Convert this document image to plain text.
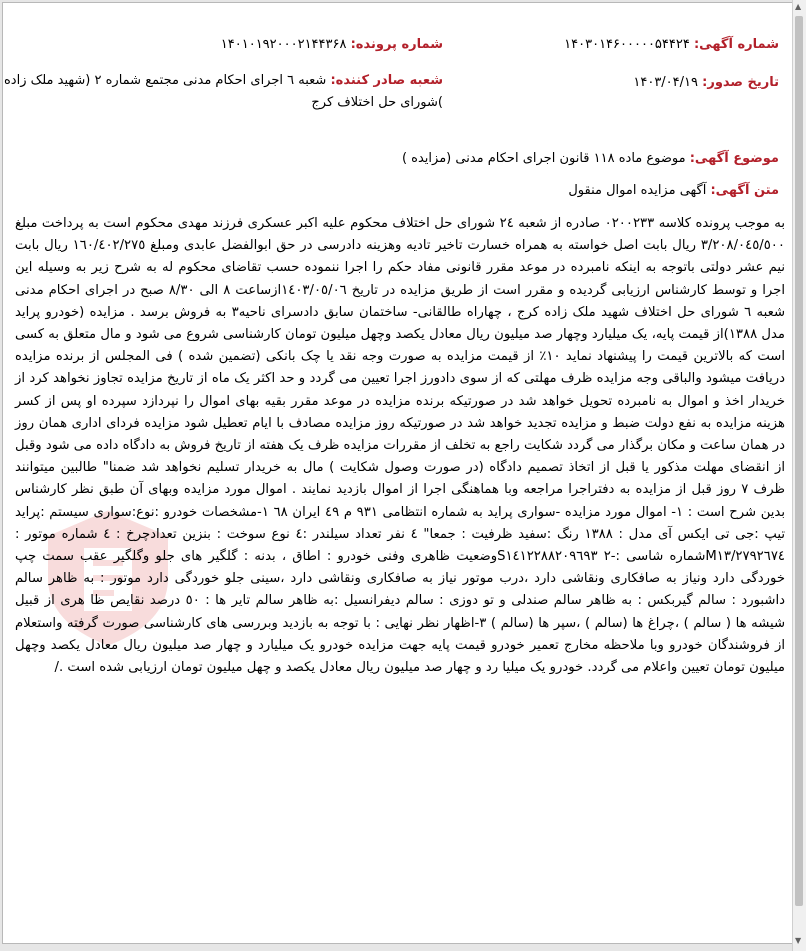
شماره آگهی: ۱۴۰۳۰۱۴۶۰۰۰۰۰۵۴۴۲۴
شماره پرونده: ۱۴۰۱۰۱۹۲۰۰۰۲۱۴۴۳۶۸
تاریخ صدور: ۱۴۰۳/۰۴/۱۹
شعبه صادر کننده: شعبه ٦ اجرای احکام مدنی مجتمع شماره ٢ (شهید ملک زاده
)شورای حل اختلاف کرج
موضوع آگهی: موضوع ماده ١١٨ قانون اجرای احکام مدنی (مزایده )
متن آگهی: آگهی مزایده اموال منقول
به موجب پرونده کلاسه ۰۲۰۰۲۳۳ صادره از شعبه ٢٤ شورای حل اختلاف محکوم علیه اکبر عسکری فرزند مهدی محکوم است به پرداخت مبلغ ٣/٢٠٨/٠٤٥/٥٠٠ ریال بابت اصل خواسته به همراه خسارت تاخیر تادیه وهزینه دادرسی در حق ابوالفضل عابدی ومبلغ ١٦٠/٤٠٢/٢٧٥ ریال بابت نیم عشر دولتی باتوجه به اینکه نامبرده در موعد مقرر قانونی مفاد حکم را اجرا ننموده حسب تقاضای محکوم له به شرح زیر به وسیله این اجرا و توسط کارشناس ارزیابی گردیده و مقرر است از طریق مزایده در تاریخ ١٤٠٣/٠٥/٠٦ازساعت ٨ الی ٨/٣٠ صبح در اجرای احکام مدنی شعبه ٦ شورای حل اختلاف شهید ملک زاده کرج ، چهاراه طالقانی- ساختمان سابق دادسرای ناحیه٣ به فروش برسد . مزایده (خودرو پراید مدل ١٣٨٨)از قیمت پایه، یک میلیارد وچهار صد میلیون ریال معادل یکصد وچهل میلیون تومان کارشناسی شروع می شود و مال متعلق به کسی است که بالاترین قیمت را پیشنهاد نماید ١٠٪ از قیمت مزایده به صورت وجه نقد یا چک بانکی (تضمین شده ) فی المجلس از برنده مزایده دریافت میشود والباقی وجه مزایده ظرف مهلتی که از سوی دادورز اجرا تعیین می گردد و حد اکثر یک ماه از تاریخ مزایده تجاوز نخواهد کرد از خریدار اخذ و اموال به نامبرده تحویل خواهد شد در صورتیکه برنده مزایده در موعد مقرر بقیه بهای اموال را نپردازد سپرده او پس از کسر هزینه مزایده به نفع دولت ضبط و مزایده تجدید خواهد شد در صورتیکه روز مزایده مصادف با ایام تعطیل شود مزایده فردای اداری همان روز در همان ساعت و مکان برگذار می گردد شکایت راجع به تخلف از مقررات مزایده ظرف یک هفته از تاریخ فروش به دادگاه داده می شود وقبل از انقضای مهلت مذکور یا قبل از اتخاذ تصمیم دادگاه (در صورت وصول شکایت ) مال به خریدار تسلیم نخواهد شد ضمنا" طالبین میتوانند ظرف ٧ روز قبل از مزایده به دفتراجرا مراجعه وبا هماهنگی اجرا از اموال بازدید نمایند . اموال مورد مزایده وبهای آن طبق نظر کارشناس بدین شرح است : ١- اموال مورد مزایده -سواری پراید به شماره انتظامی ٩٣١ م ٤٩ ایران ٦٨ ١-مشخصات خودرو :نوع:سواری سیستم :پراید تیپ :جی تی ایکس آی مدل : ١٣٨٨ رنگ :سفید ظرفیت : جمعا" ٤ نفر تعداد سیلندر :٤ نوع سوخت : بنزین تعدادچرخ : ٤ شماره موتور : M١٣/٢٧٩٢٦٧٤شماره شاسی :-٢ S١٤١٢٢٨٨٢٠٩٦٩٣وضعیت ظاهری وفنی خودرو : اطاق ، بدنه : گلگیر های جلو وگلگیر عقب سمت چپ خوردگی دارد ونیاز به صافکاری ونقاشی دارد ،درب موتور نیاز به صافکاری ونقاشی دارد ،سینی جلو خوردگی دارد موتور : به ظاهر سالم داشبورد : سالم گیربکس : به ظاهر سالم صندلی و تو دوزی : سالم دیفرانسیل :به ظاهر سالم تایر ها : ٥٠ درصد نقایص ظا هری از قبیل شیشه ها ( سالم ) ،چراغ ها (سالم ) ،سپر ها (سالم ) ٣-اظهار نظر نهایی : با توجه به بازدید وبررسی های کارشناسی صورت گرفته واستعلام از فروشندگان خودرو وبا ملاحظه مخارج تعمیر خودرو قیمت پایه جهت مزایده خودرو یک میلیارد و چهار صد میلیون ریال معادل یکصد وچهل میلیون تومان تعیین واعلام می گردد. خودرو یک میلیا رد و چهار صد میلیون ریال معادل یکصد و چهل میلیون تومان ارزیابی شده است ./
▲
▼
